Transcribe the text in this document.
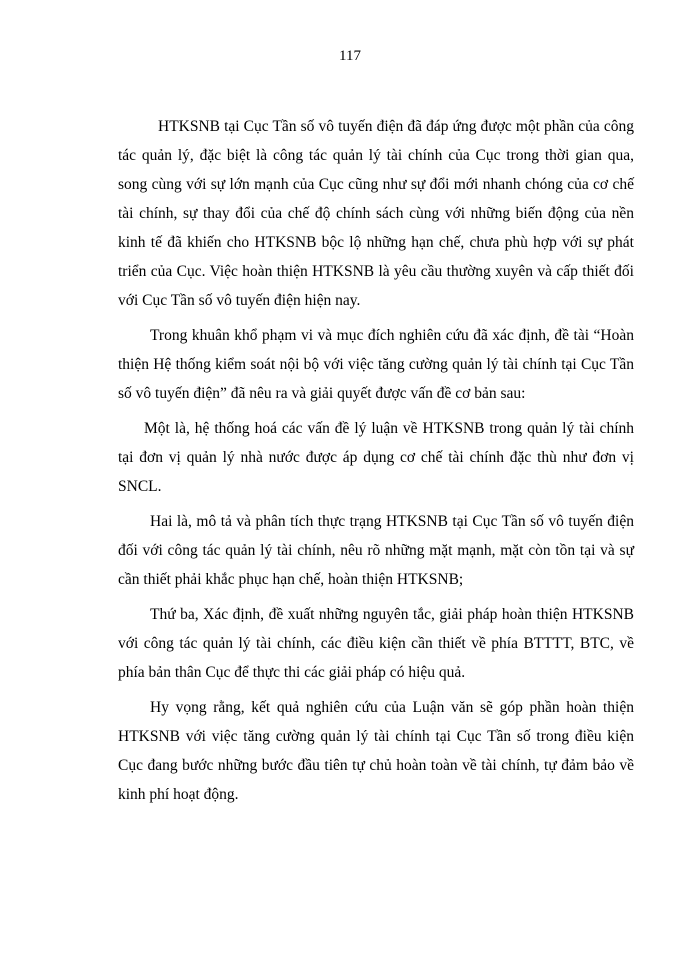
117

HTKSNB tại Cục Tần số vô tuyến điện đã đáp ứng được một phần của công tác quản lý, đặc biệt là công tác quản lý tài chính của Cục trong thời gian qua, song cùng với sự lớn mạnh của Cục cũng như sự đổi mới nhanh chóng của cơ chế tài chính, sự thay đổi của chế độ chính sách cùng với những biến động của nền kinh tế đã khiến cho HTKSNB bộc lộ những hạn chế, chưa phù hợp với sự phát triển của Cục. Việc hoàn thiện HTKSNB là yêu cầu thường xuyên và cấp thiết đối với Cục Tần số vô tuyến điện hiện nay.

Trong khuân khổ phạm vi và mục đích nghiên cứu đã xác định, đề tài “Hoàn thiện Hệ thống kiểm soát nội bộ với việc tăng cường quản lý tài chính tại Cục Tần số vô tuyến điện” đã nêu ra và giải quyết được vấn đề cơ bản sau:

Một là, hệ thống hoá các vấn đề lý luận về HTKSNB trong quản lý tài chính tại đơn vị quản lý nhà nước được áp dụng cơ chế tài chính đặc thù như đơn vị SNCL.

Hai là, mô tả và phân tích thực trạng HTKSNB tại Cục Tần số vô tuyến điện đối với công tác quản lý tài chính, nêu rõ những mặt mạnh, mặt còn tồn tại và sự cần thiết phải khắc phục hạn chế, hoàn thiện HTKSNB;

Thứ ba, Xác định, đề xuất những nguyên tắc, giải pháp hoàn thiện HTKSNB với công tác quản lý tài chính, các điều kiện cần thiết về phía BTTTT, BTC, về phía bản thân Cục để thực thi các giải pháp có hiệu quả.

Hy vọng rằng, kết quả nghiên cứu của Luận văn sẽ góp phần hoàn thiện HTKSNB với việc tăng cường quản lý tài chính tại Cục Tần số trong điều kiện Cục đang bước những bước đầu tiên tự chủ hoàn toàn về tài chính, tự đảm bảo về kinh phí hoạt động.
